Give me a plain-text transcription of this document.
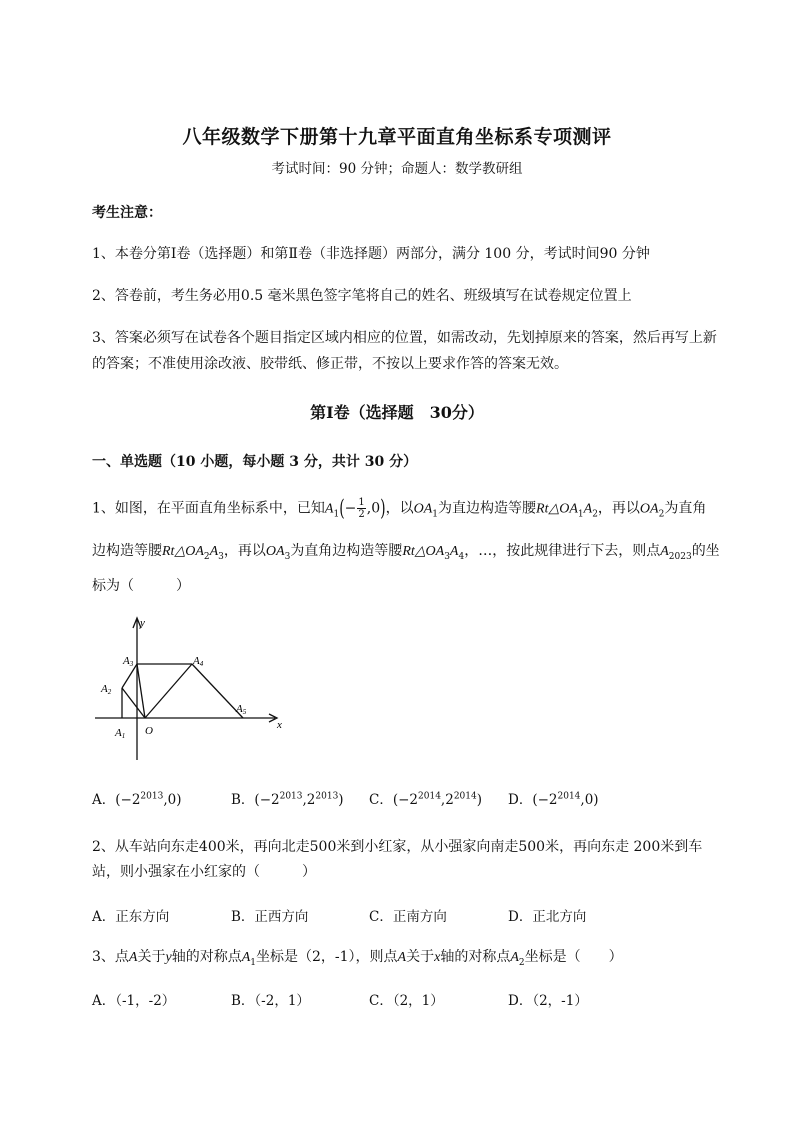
八年级数学下册第十九章平面直角坐标系专项测评
考试时间：90 分钟；命题人：数学教研组
考生注意：
1、本卷分第Ⅰ卷（选择题）和第Ⅱ卷（非选择题）两部分，满分 100 分，考试时间90 分钟
2、答卷前，考生务必用0.5 毫米黑色签字笔将自己的姓名、班级填写在试卷规定位置上
3、答案必须写在试卷各个题目指定区域内相应的位置，如需改动，先划掉原来的答案，然后再写上新
的答案；不准使用涂改液、胶带纸、修正带，不按以上要求作答的答案无效。
第Ⅰ卷（选择题　30分）
一、单选题（10 小题，每小题 3 分，共计 30 分）
1、如图，在平面直角坐标系中，已知$A_1(- \frac{1}{2} ,0)$，以$OA_1$为直边构造等腰$Rt\triangle OA_1A_2$，再以$OA_2$为直角
边构造等腰$Rt\triangle OA_2A_3$，再以$OA_3$为直角边构造等腰$Rt\triangle OA_3A_4$，…，按此规律进行下去，则点$A_{2023}$的坐
标为（　　　）
y
x
O
A1
A2
A3	A4
A5
A．$(-2^{2013},0)$	B．$(-2^{2013},2^{2013})$ C．$(-2^{2014},2^{2014})$ D．$(-2^{2014},0)$
2、从车站向东走400米，再向北走500米到小红家，从小强家向南走500米，再向东走 200米到车
站，则小强家在小红家的（　　　）
A．正东方向	B．正西方向	C．正南方向	D．正北方向
3、点A关于y轴的对称点$A_1$坐标是（2，-1），则点A关于x轴的对称点$A_2$坐标是（　　）
A．（-1，-2）	B．（-2，1）	C．（2，1）	D．（2，-1）
